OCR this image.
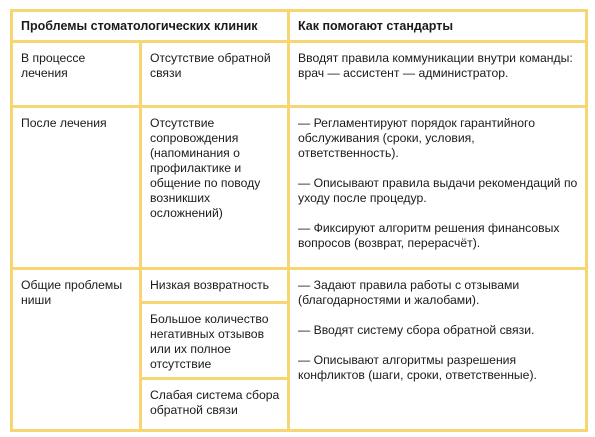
Проблемы стоматологических клиник		Как помогают стандарты
В процессе лечения	Отсутствие обратной связи	Вводят правила коммуникации внутри команды: врач — ассистент — администратор.

После лечения	Отсутствие сопровождения (напоминания о профилактике и общение по поводу возникших осложнений)	— Регламентируют порядок гарантийного обслуживания (сроки, условия, ответственность).

— Описывают правила выдачи рекомендаций по уходу после процедур.

— Фиксируют алгоритм решения финансовых вопросов (возврат, перерасчёт).

Общие проблемы ниши	Низкая возвратность	— Задают правила работы с отзывами (благодарностями и жалобами).

— Вводят систему сбора обратной связи.

— Описывают алгоритмы разрешения конфликтов (шаги, сроки, ответственные).

	Большое количество негативных отзывов или их полное отсутствие	
	Слабая система сбора обратной связи	
